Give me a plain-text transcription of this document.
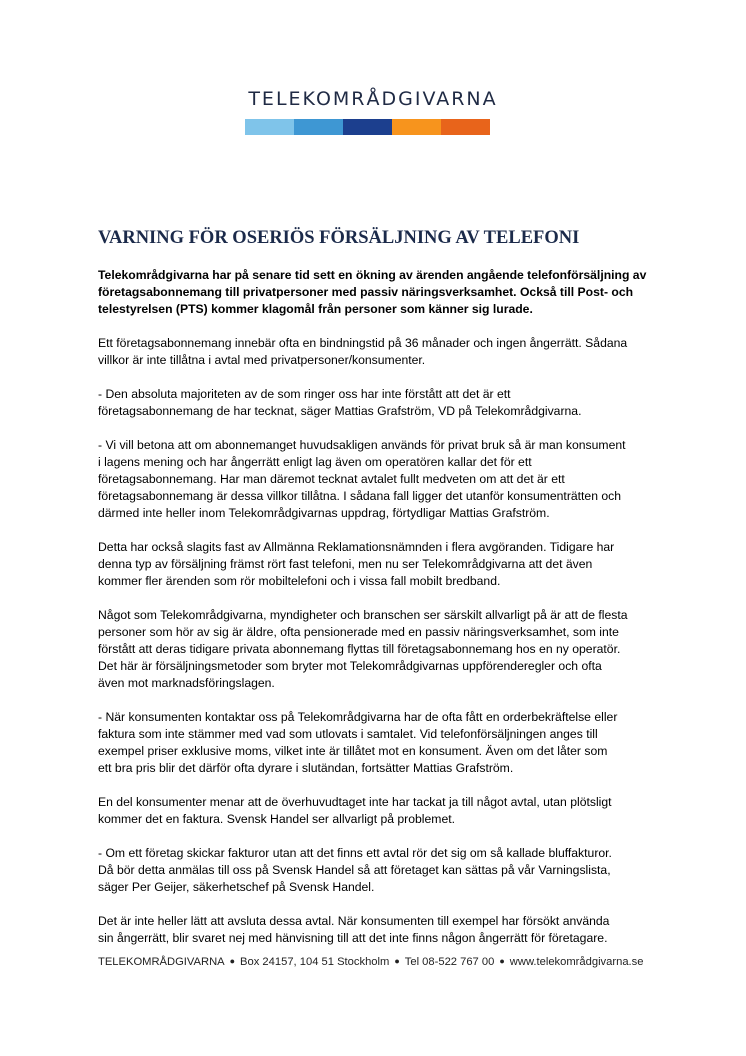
TELEKOMRÅDGIVARNA
VARNING FÖR OSERIÖS FÖRSÄLJNING AV TELEFONI

Telekområdgivarna har på senare tid sett en ökning av ärenden angående telefonförsäljning av
företagsabonnemang till privatpersoner med passiv näringsverksamhet. Också till Post- och
telestyrelsen (PTS) kommer klagomål från personer som känner sig lurade.

Ett företagsabonnemang innebär ofta en bindningstid på 36 månader och ingen ångerrätt. Sådana
villkor är inte tillåtna i avtal med privatpersoner/konsumenter.

- Den absoluta majoriteten av de som ringer oss har inte förstått att det är ett
företagsabonnemang de har tecknat, säger Mattias Grafström, VD på Telekområdgivarna.

- Vi vill betona att om abonnemanget huvudsakligen används för privat bruk så är man konsument
i lagens mening och har ångerrätt enligt lag även om operatören kallar det för ett
företagsabonnemang. Har man däremot tecknat avtalet fullt medveten om att det är ett
företagsabonnemang är dessa villkor tillåtna. I sådana fall ligger det utanför konsumenträtten och
därmed inte heller inom Telekområdgivarnas uppdrag, förtydligar Mattias Grafström.

Detta har också slagits fast av Allmänna Reklamationsnämnden i flera avgöranden. Tidigare har
denna typ av försäljning främst rört fast telefoni, men nu ser Telekområdgivarna att det även
kommer fler ärenden som rör mobiltelefoni och i vissa fall mobilt bredband.

Något som Telekområdgivarna, myndigheter och branschen ser särskilt allvarligt på är att de flesta
personer som hör av sig är äldre, ofta pensionerade med en passiv näringsverksamhet, som inte
förstått att deras tidigare privata abonnemang flyttas till företagsabonnemang hos en ny operatör.
Det här är försäljningsmetoder som bryter mot Telekområdgivarnas uppförenderegler och ofta
även mot marknadsföringslagen.

- När konsumenten kontaktar oss på Telekområdgivarna har de ofta fått en orderbekräftelse eller
faktura som inte stämmer med vad som utlovats i samtalet. Vid telefonförsäljningen anges till
exempel priser exklusive moms, vilket inte är tillåtet mot en konsument. Även om det låter som
ett bra pris blir det därför ofta dyrare i slutändan, fortsätter Mattias Grafström.

En del konsumenter menar att de överhuvudtaget inte har tackat ja till något avtal, utan plötsligt
kommer det en faktura. Svensk Handel ser allvarligt på problemet.

- Om ett företag skickar fakturor utan att det finns ett avtal rör det sig om så kallade bluffakturor.
Då bör detta anmälas till oss på Svensk Handel så att företaget kan sättas på vår Varningslista,
säger Per Geijer, säkerhetschef på Svensk Handel.

Det är inte heller lätt att avsluta dessa avtal. När konsumenten till exempel har försökt använda
sin ångerrätt, blir svaret nej med hänvisning till att det inte finns någon ångerrätt för företagare.

TELEKOMRÅDGIVARNA ● Box 24157, 104 51 Stockholm ● Tel 08-522 767 00 ● www.telekområdgivarna.se
